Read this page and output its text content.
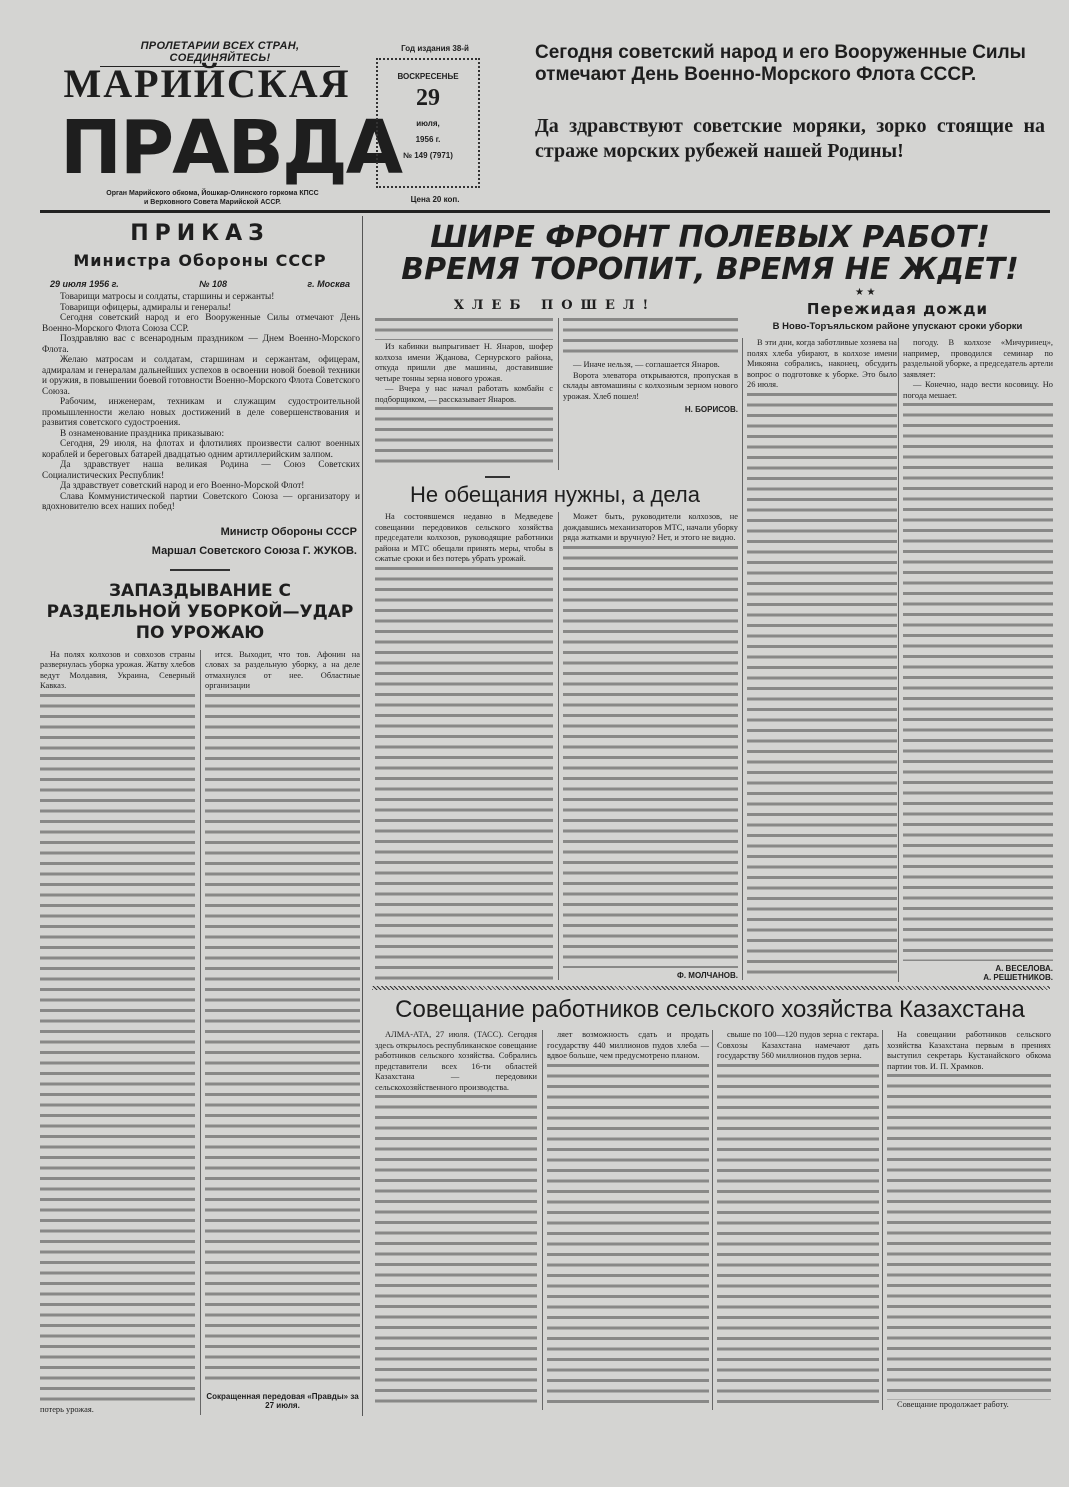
ПРОЛЕТАРИИ ВСЕХ СТРАН, СОЕДИНЯЙТЕСЬ!
МАРИЙСКАЯ
ПРАВДА
Орган Марийского обкома, Йошкар-Олинского горкома КПСС
и Верховного Совета Марийской АССР.
Год издания 38-й
ВОСКРЕСЕНЬЕ
29
июля,
1956 г.
№ 149 (7971)
Цена 20 коп.
Сегодня советский народ и его Вооруженные Силы отмечают День Военно-Морского Флота СССР.
Да здравствуют советские моряки, зорко стоящие на страже морских рубежей нашей Родины!
ПРИКАЗ
Министра Обороны СССР
29 июля 1956 г.	№ 108	г. Москва

Товарищи матросы и солдаты, старшины и сержанты!

Товарищи офицеры, адмиралы и генералы!

Сегодня советский народ и его Вооруженные Силы отмечают День Военно-Морского Флота Союза ССР.

Поздравляю вас с всенародным праздником — Днем Военно-Морского Флота.

Желаю матросам и солдатам, старшинам и сержантам, офицерам, адмиралам и генералам дальнейших успехов в освоении новой боевой техники и оружия, в повышении боевой готовности Военно-Морского Флота Советского Союза.

Рабочим, инженерам, техникам и служащим судостроительной промышленности желаю новых достижений в деле совершенствования и развития советского судостроения.

В ознаменование праздника приказываю:

Сегодня, 29 июля, на флотах и флотилиях произвести салют военных кораблей и береговых батарей двадцатью одним артиллерийским залпом.

Да здравствует наша великая Родина — Союз Советских Социалистических Республик!

Да здравствует советский народ и его Военно-Морской Флот!

Слава Коммунистической партии Советского Союза — организатору и вдохновителю всех наших побед!

Министр Обороны СССР
Маршал Советского Союза Г. ЖУКОВ.
ЗАПАЗДЫВАНИЕ С РАЗДЕЛЬНОЙ УБОРКОЙ—УДАР ПО УРОЖАЮ

На полях колхозов и совхозов страны развернулась уборка урожая. Жатву хлебов ведут Молдавия, Украина, Северный Кавказ.

потерь урожая.

ится. Выходит, что тов. Афонин на словах за раздельную уборку, а на деле отмахнулся от нее. Областные организации

Сокращенная передовая «Правды» за 27 июля.
ШИРЕ ФРОНТ ПОЛЕВЫХ РАБОТ!
ВРЕМЯ ТОРОПИТ, ВРЕМЯ НЕ ЖДЕТ!
ХЛЕБ ПОШЕЛ!

Из кабинки выпрыгивает Н. Янаров, шофер колхоза имени Жданова, Сернурского района, откуда пришли две машины, доставившие четыре тонны зерна нового урожая.

— Вчера у нас начал работать комбайн с подборщиком, — рассказывает Янаров.

— Иначе нельзя, — соглашается Янаров.

Ворота элеватора открываются, пропуская в склады автомашины с колхозным зерном нового урожая. Хлеб пошел!

Н. БОРИСОВ.
Не обещания нужны, а дела

На состоявшемся недавно в Медведеве совещании передовиков сельского хозяйства председатели колхозов, руководящие работники района и МТС обещали принять меры, чтобы в сжатые сроки и без потерь убрать урожай.

Может быть, руководители колхозов, не дождавшись механизаторов МТС, начали уборку ряда жатками и вручную? Нет, и этого не видно.

Ф. МОЛЧАНОВ.
★ ★
Пережидая дожди
В Ново-Торъяльском районе упускают сроки уборки

В эти дни, когда заботливые хозяева на полях хлеба убирают, в колхозе имени Микояна собрались, наконец, обсудить вопрос о подготовке к уборке. Это было 26 июля.

погоду. В колхозе «Мичуринец», например, проводился семинар по раздельной уборке, а председатель артели заявляет:

— Конечно, надо вести косовицу. Но погода мешает.

А. ВЕСЕЛОВА.
А. РЕШЕТНИКОВ.
Совещание работников сельского хозяйства Казахстана

АЛМА-АТА, 27 июля. (ТАСС). Сегодня здесь открылось республиканское совещание работников сельского хозяйства. Собрались представители всех 16-ти областей Казахстана — передовики сельскохозяйственного производства.

ляет возможность сдать и продать государству 440 миллионов пудов хлеба — вдвое больше, чем предусмотрено планом.

свыше по 100—120 пудов зерна с гектара. Совхозы Казахстана намечают дать государству 560 миллионов пудов зерна.

На совещании работников сельского хозяйства Казахстана первым в прениях выступил секретарь Кустанайского обкома партии тов. И. П. Храмков.

Совещание продолжает работу.
